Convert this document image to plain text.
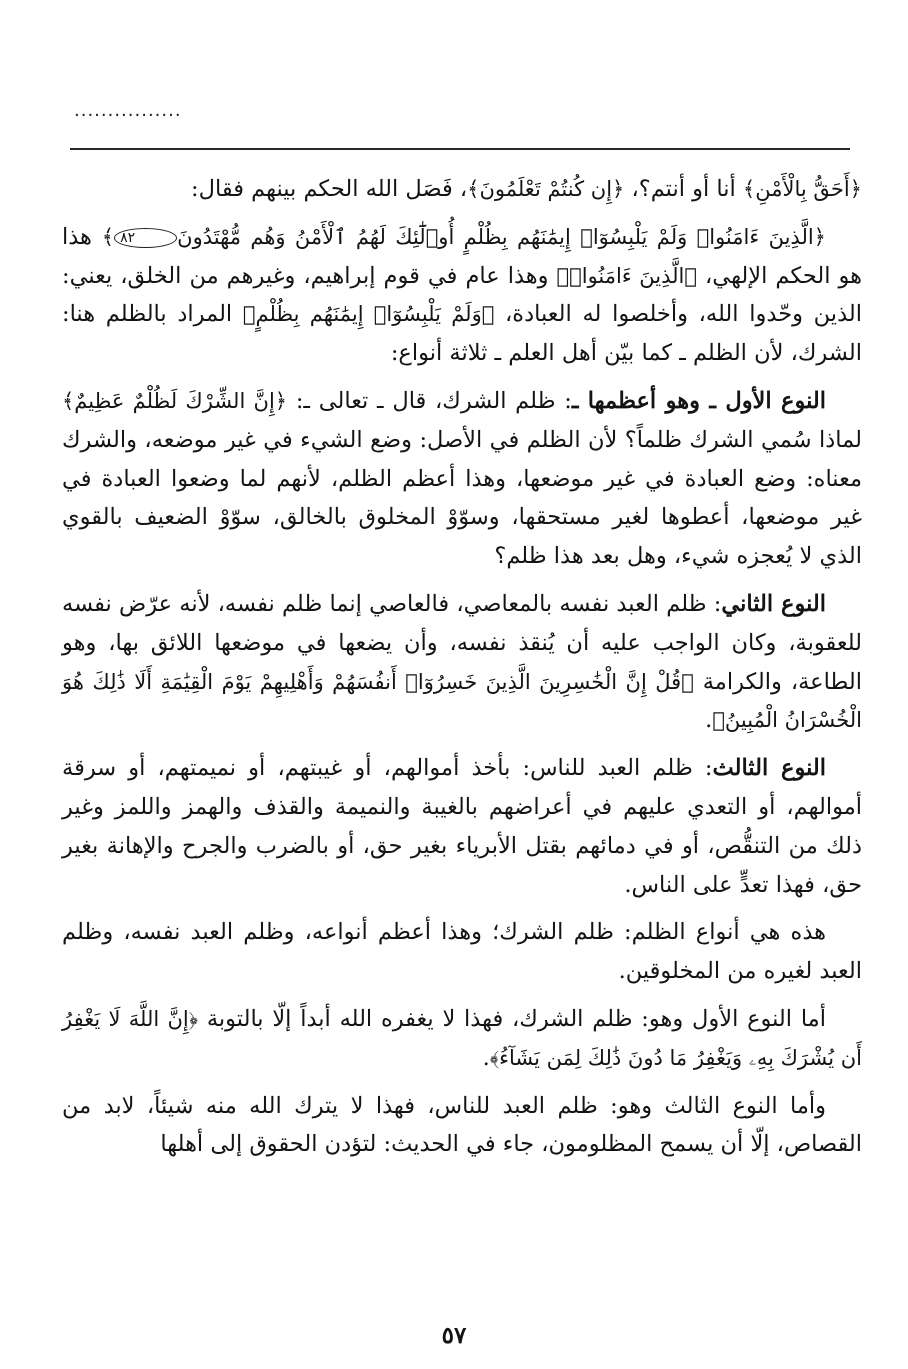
................

﴿أَحَقُّ بِالْأَمْنِ﴾ أنا أو أنتم؟، ﴿إِن كُنتُمْ تَعْلَمُونَ﴾، فَصَل الله الحكم بينهم فقال:

﴿الَّذِينَ ءَامَنُوا۟ وَلَمْ يَلْبِسُوٓا۟ إِيمَٰنَهُم بِظُلْمٍ أُو۟لَٰٓئِكَ لَهُمُ ٱلْأَمْنُ وَهُم مُّهْتَدُونَ٨٢﴾ هذا هو الحكم الإلهي، ﴿الَّذِينَ ءَامَنُوا۟﴾ وهذا عام في قوم إبراهيم، وغيرهم من الخلق، يعني: الذين وحّدوا الله، وأخلصوا له العبادة، ﴿وَلَمْ يَلْبِسُوٓا۟ إِيمَٰنَهُم بِظُلْمٍ﴾ المراد بالظلم هنا: الشرك، لأن الظلم ـ كما بيّن أهل العلم ـ ثلاثة أنواع:

النوع الأول ـ وهو أعظمها ـ: ظلم الشرك، قال ـ تعالى ـ: ﴿إِنَّ الشِّرْكَ لَظُلْمٌ عَظِيمٌ﴾ لماذا سُمي الشرك ظلماً؟ لأن الظلم في الأصل: وضع الشيء في غير موضعه، والشرك معناه: وضع العبادة في غير موضعها، وهذا أعظم الظلم، لأنهم لما وضعوا العبادة في غير موضعها، أعطوها لغير مستحقها، وسوّوْ المخلوق بالخالق، سوّوْ الضعيف بالقوي الذي لا يُعجزه شيء، وهل بعد هذا ظلم؟

النوع الثاني: ظلم العبد نفسه بالمعاصي، فالعاصي إنما ظلم نفسه، لأنه عرّض نفسه للعقوبة، وكان الواجب عليه أن يُنقذ نفسه، وأن يضعها في موضعها اللائق بها، وهو الطاعة، والكرامة ﴿قُلْ إِنَّ الْخَٰسِرِينَ الَّذِينَ خَسِرُوٓا۟ أَنفُسَهُمْ وَأَهْلِيهِمْ يَوْمَ الْقِيَٰمَةِ أَلَا ذَٰلِكَ هُوَ الْخُسْرَانُ الْمُبِينُ﴾.

النوع الثالث: ظلم العبد للناس: بأخذ أموالهم، أو غيبتهم، أو نميمتهم، أو سرقة أموالهم، أو التعدي عليهم في أعراضهم بالغيبة والنميمة والقذف والهمز واللمز وغير ذلك من التنقُّص، أو في دمائهم بقتل الأبرياء بغير حق، أو بالضرب والجرح والإهانة بغير حق، فهذا تعدٍّ على الناس.

هذه هي أنواع الظلم: ظلم الشرك؛ وهذا أعظم أنواعه، وظلم العبد نفسه، وظلم العبد لغيره من المخلوقين.

أما النوع الأول وهو: ظلم الشرك، فهذا لا يغفره الله أبداً إلّا بالتوبة ﴿إِنَّ اللَّهَ لَا يَغْفِرُ أَن يُشْرَكَ بِهِۦ وَيَغْفِرُ مَا دُونَ ذَٰلِكَ لِمَن يَشَآءُ﴾.

وأما النوع الثالث وهو: ظلم العبد للناس، فهذا لا يترك الله منه شيئاً، لابد من القصاص، إلّا أن يسمح المظلومون، جاء في الحديث: لتؤدن الحقوق إلى أهلها

٥٧
